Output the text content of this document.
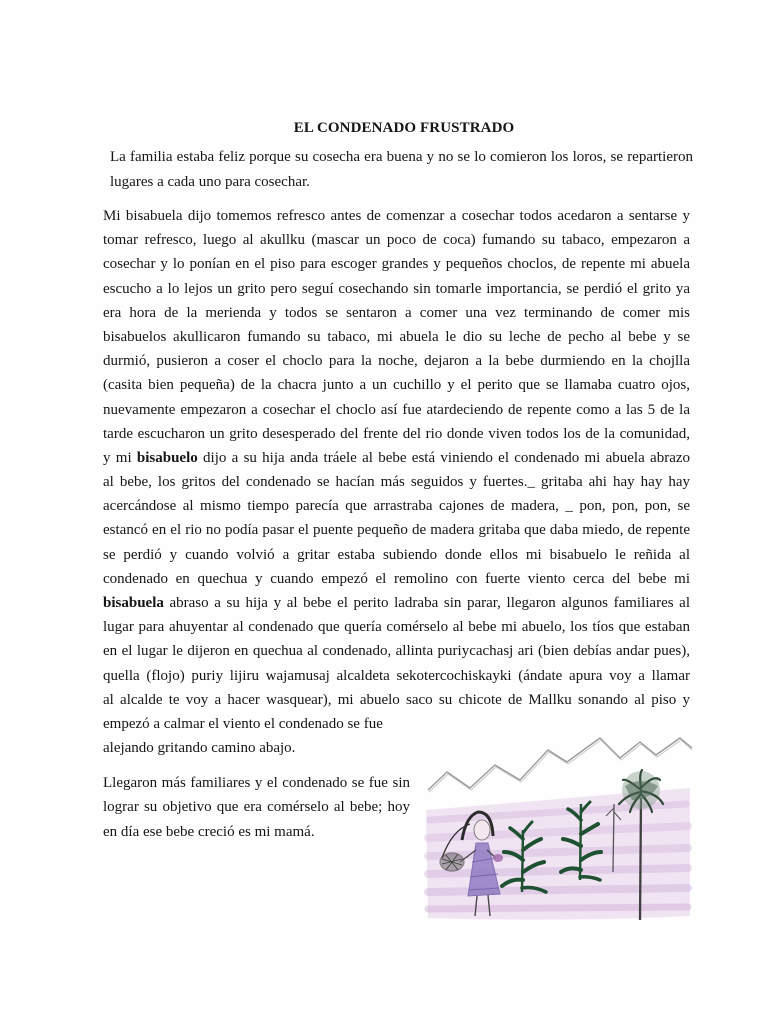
EL CONDENADO FRUSTRADO
La familia estaba feliz porque su cosecha era buena y no se lo comieron los loros, se repartieron
lugares a cada uno para cosechar.
Mi bisabuela dijo tomemos refresco antes de comenzar a cosechar todos acedaron a sentarse y
tomar refresco, luego al akullku (mascar un poco de coca) fumando su tabaco, empezaron a
cosechar y lo ponían en el piso para escoger grandes y pequeños choclos, de repente mi abuela
escucho a lo lejos un grito pero seguí cosechando sin tomarle importancia, se perdió el grito ya
era hora de la merienda y todos se sentaron a comer una vez terminando de comer mis
bisabuelos akullicaron fumando su tabaco, mi abuela le dio su leche de pecho al bebe y se
durmió, pusieron a coser el choclo para la noche, dejaron a la bebe durmiendo en la chojlla
(casita bien pequeña) de la chacra junto a un cuchillo y el perito que se llamaba cuatro ojos,
nuevamente empezaron a cosechar el choclo así fue atardeciendo de repente como a las 5 de la
tarde escucharon un grito desesperado del frente del rio donde viven todos los de la comunidad,
y mi bisabuelo dijo a su hija anda tráele al bebe está viniendo el condenado mi abuela abrazo
al bebe, los gritos del condenado se hacían más seguidos y fuertes._ gritaba ahi hay hay hay
acercándose al mismo tiempo parecía que arrastraba cajones de madera, _ pon, pon, pon, se
estancó en el rio no podía pasar el puente pequeño de madera gritaba que daba miedo, de repente
se perdió y cuando volvió a gritar estaba subiendo donde ellos mi bisabuelo le reñida al
condenado en quechua y cuando empezó el remolino con fuerte viento cerca del bebe mi
bisabuela abraso a su hija y al bebe el perito ladraba sin parar, llegaron algunos familiares al
lugar para ahuyentar al condenado que quería comérselo al bebe mi abuelo, los tíos que estaban
en el lugar le dijeron en quechua al condenado, allinta puriycachasj ari (bien debías andar pues),
quella (flojo) puriy lijiru wajamusaj alcaldeta sekotercochiskayki (ándate apura voy a llamar
al alcalde te voy a hacer wasquear), mi abuelo saco su chicote de Mallku sonando al piso y
empezó a calmar el viento el condenado se fue
alejando gritando camino abajo.
Llegaron más familiares y el condenado se fue sin
lograr su objetivo que era comérselo al bebe; hoy
en día ese bebe creció es mi mamá.
